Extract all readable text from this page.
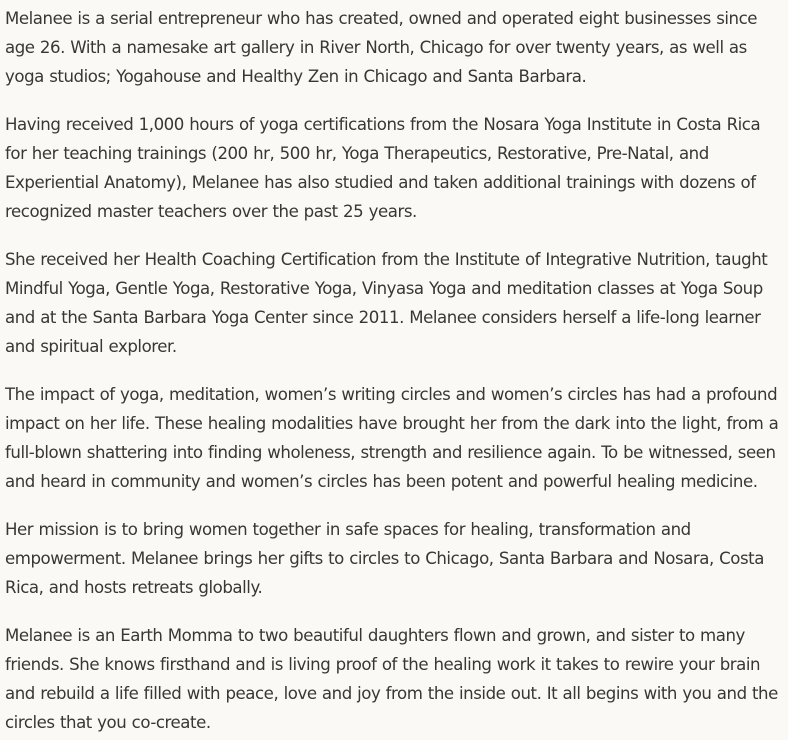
Melanee is a serial entrepreneur who has created, owned and operated eight businesses since age 26. With a namesake art gallery in River North, Chicago for over twenty years, as well as yoga studios; Yogahouse and Healthy Zen in Chicago and Santa Barbara.

Having received 1,000 hours of yoga certifications from the Nosara Yoga Institute in Costa Rica for her teaching trainings (200 hr, 500 hr, Yoga Therapeutics, Restorative, Pre-Natal, and Experiential Anatomy), Melanee has also studied and taken additional trainings with dozens of recognized master teachers over the past 25 years.

She received her Health Coaching Certification from the Institute of Integrative Nutrition, taught Mindful Yoga, Gentle Yoga, Restorative Yoga, Vinyasa Yoga and meditation classes at Yoga Soup and at the Santa Barbara Yoga Center since 2011. Melanee considers herself a life-long learner and spiritual explorer.

The impact of yoga, meditation, women’s writing circles and women’s circles has had a profound impact on her life. These healing modalities have brought her from the dark into the light, from a full-blown shattering into finding wholeness, strength and resilience again. To be witnessed, seen and heard in community and women’s circles has been potent and powerful healing medicine.

Her mission is to bring women together in safe spaces for healing, transformation and empowerment. Melanee brings her gifts to circles to Chicago, Santa Barbara and Nosara, Costa Rica, and hosts retreats globally.

Melanee is an Earth Momma to two beautiful daughters flown and grown, and sister to many friends. She knows firsthand and is living proof of the healing work it takes to rewire your brain and rebuild a life filled with peace, love and joy from the inside out. It all begins with you and the circles that you co-create.
